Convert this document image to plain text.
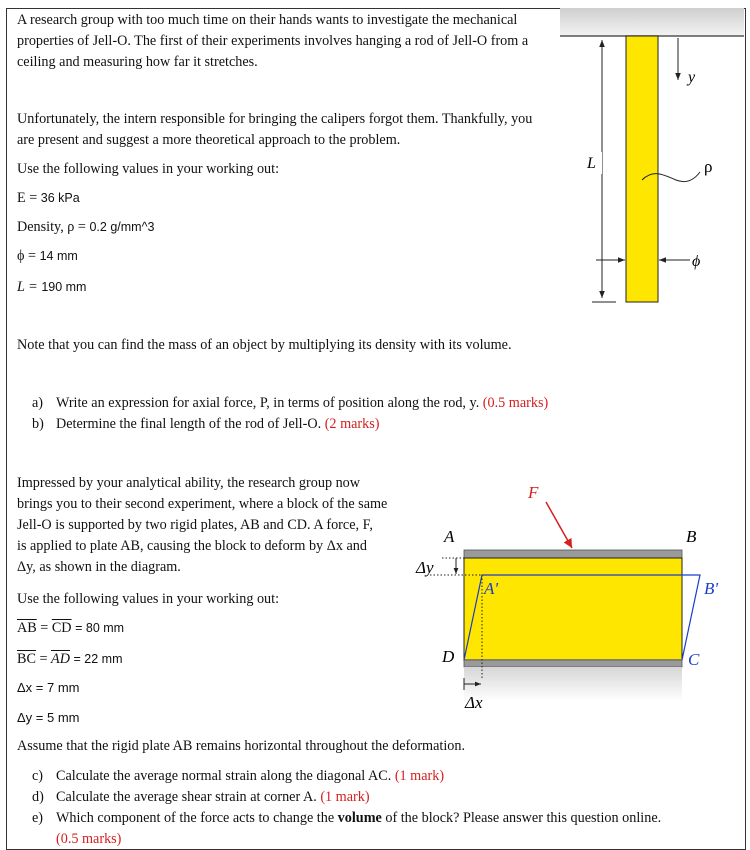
A research group with too much time on their hands wants to investigate the mechanical
properties of Jell-O. The first of their experiments involves hanging a rod of Jell-O from a
ceiling and measuring how far it stretches.

Unfortunately, the intern responsible for bringing the calipers forgot them. Thankfully, you
are present and suggest a more theoretical approach to the problem.

Use the following values in your working out:

E = 36 kPa

Density, ρ = 0.2 g/mm^3

ϕ = 14 mm

L = 190 mm

Note that you can find the mass of an object by multiplying its density with its volume.

a) Write an expression for axial force, P, in terms of position along the rod, y. (0.5 marks)
b) Determine the final length of the rod of Jell-O. (2 marks)

Impressed by your analytical ability, the research group now
brings you to their second experiment, where a block of the same
Jell-O is supported by two rigid plates, AB and CD. A force, F,
is applied to plate AB, causing the block to deform by Δx and
Δy, as shown in the diagram.

Use the following values in your working out:

$\overline{AB} = \overline{CD} = 80$ mm

$\overline{BC} = \overline{AD} = 22$ mm

Δx = 7 mm

Δy = 5 mm

Assume that the rigid plate AB remains horizontal throughout the deformation.

c) Calculate the average normal strain along the diagonal AC. (1 mark)
d) Calculate the average shear strain at corner A. (1 mark)
e) Which component of the force acts to change the volume of the block? Please answer this question online.
(0.5 marks)
L
y
ρ
ϕ
F
A	B
Δy
A'	B'
C
D
Δx
